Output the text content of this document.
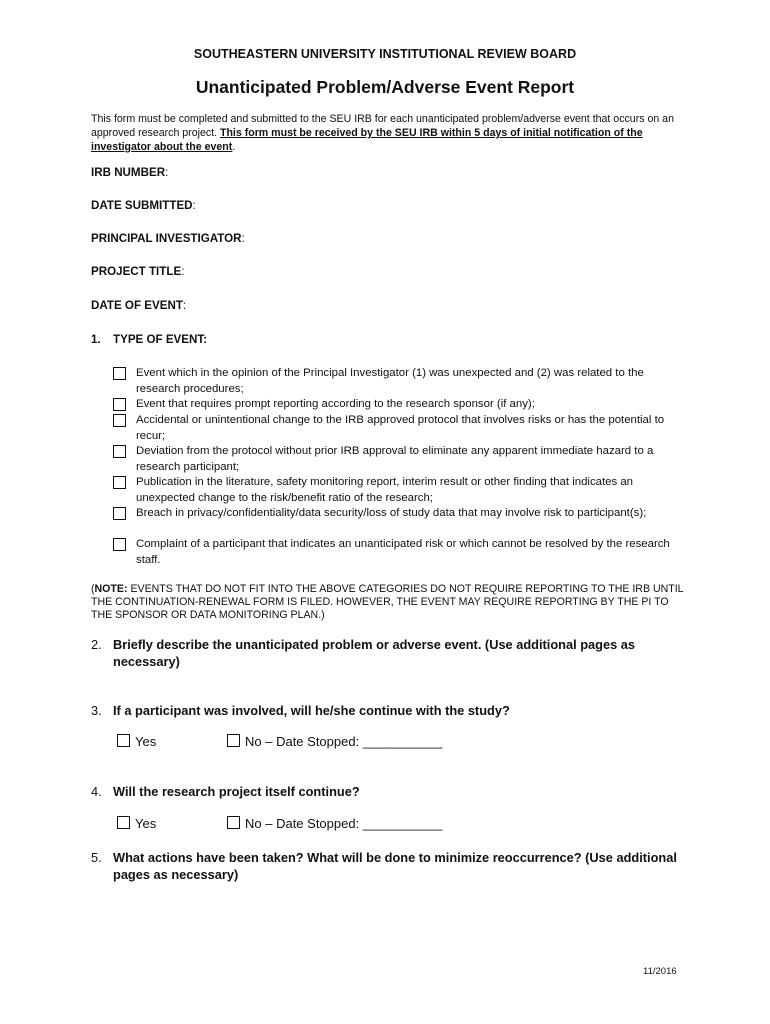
SOUTHEASTERN UNIVERSITY INSTITUTIONAL REVIEW BOARD
Unanticipated Problem/Adverse Event Report
This form must be completed and submitted to the SEU IRB for each unanticipated problem/adverse event that occurs on an approved research project. This form must be received by the SEU IRB within 5 days of initial notification of the investigator about the event.
IRB NUMBER:
DATE SUBMITTED:
PRINCIPAL INVESTIGATOR:
PROJECT TITLE:
DATE OF EVENT:
1. TYPE OF EVENT:
Event which in the opinion of the Principal Investigator (1) was unexpected and (2) was related to the research procedures;
Event that requires prompt reporting according to the research sponsor (if any);
Accidental or unintentional change to the IRB approved protocol that involves risks or has the potential to recur;
Deviation from the protocol without prior IRB approval to eliminate any apparent immediate hazard to a research participant;
Publication in the literature, safety monitoring report, interim result or other finding that indicates an unexpected change to the risk/benefit ratio of the research;
Breach in privacy/confidentiality/data security/loss of study data that may involve risk to participant(s);
Complaint of a participant that indicates an unanticipated risk or which cannot be resolved by the research staff.
(NOTE: EVENTS THAT DO NOT FIT INTO THE ABOVE CATEGORIES DO NOT REQUIRE REPORTING TO THE IRB UNTIL THE CONTINUATION-RENEWAL FORM IS FILED. HOWEVER, THE EVENT MAY REQUIRE REPORTING BY THE PI TO THE SPONSOR OR DATA MONITORING PLAN.)
2. Briefly describe the unanticipated problem or adverse event. (Use additional pages as necessary)
3. If a participant was involved, will he/she continue with the study?
Yes	No – Date Stopped: ___________
4. Will the research project itself continue?
Yes	No – Date Stopped: ___________
5. What actions have been taken? What will be done to minimize reoccurrence? (Use additional pages as necessary)
11/2016
